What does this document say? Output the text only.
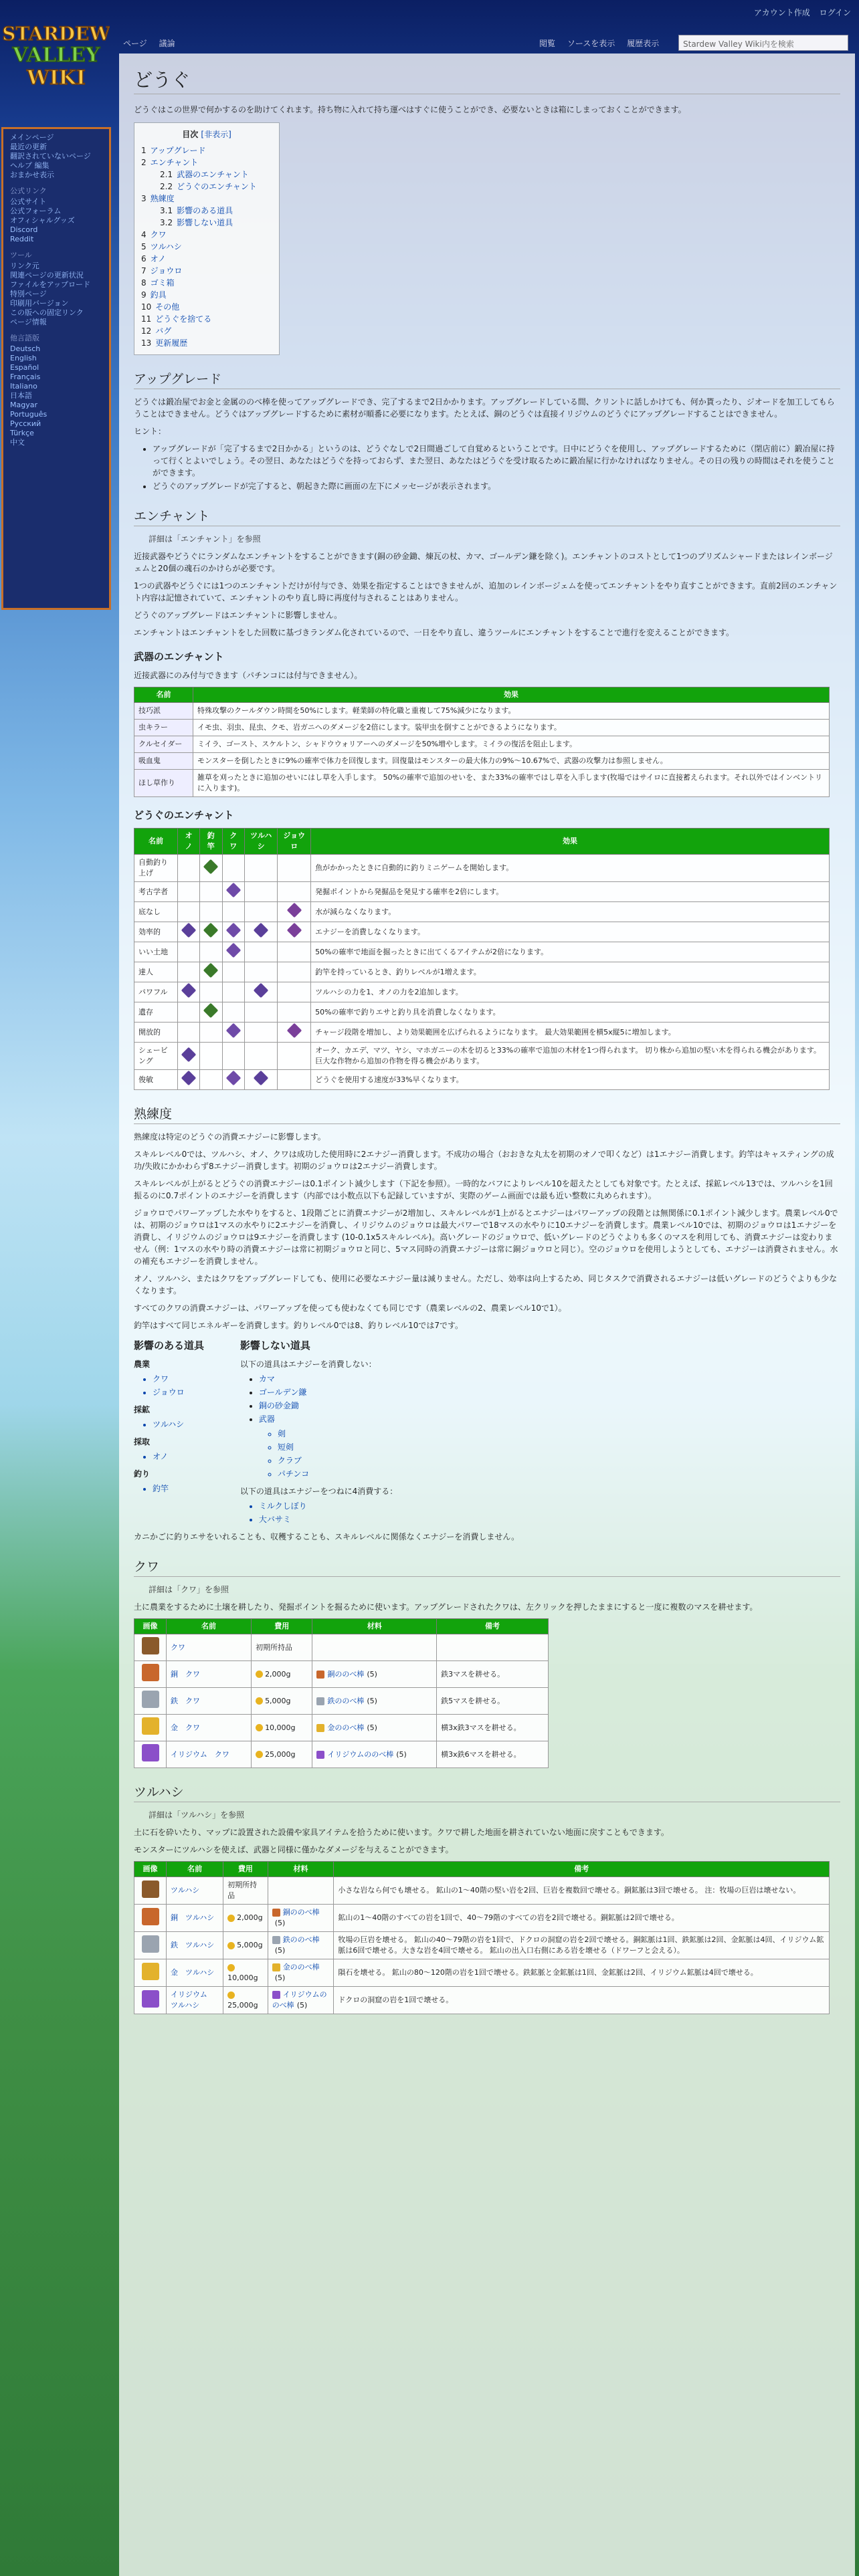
アカウント作成 ログイン
ページ 議論	閲覧 ソースを表示 履歴表示	Stardew Valley Wiki内を検索
STARDEW
VALLEY
WIKI
メインページ
最近の更新
翻訳されていないページ
ヘルプ 編集
おまかせ表示
公式リンク
公式サイト
公式フォーラム
オフィシャルグッズ
Discord
Reddit
ツール
リンク元
関連ページの更新状況
ファイルをアップロード
特別ページ
印刷用バージョン
この版への固定リンク
ページ情報
他言語版
Deutsch
English
Español
Français
Italiano
日本語
Magyar
Português
Русский
Türkçe
中文
どうぐ

どうぐはこの世界で何かするのを助けてくれます。持ち物に入れて持ち運べはすぐに使うことができ、必要ないときは箱にしまっておくことができます。

目次 [非表示]
1 アップグレード
2 エンチャント
2.1 武器のエンチャント
2.2 どうぐのエンチャント
3 熟練度
3.1 影響のある道具
3.2 影響しない道具
4 クワ
5 ツルハシ
6 オノ
7 ジョウロ
8 ゴミ箱
9 釣具
10 その他
11 どうぐを捨てる
12 バグ
13 更新履歴
アップグレード

どうぐは鍛冶屋でお金と金属ののべ棒を使ってアップグレードでき、完了するまで2日かかります。アップグレードしている間、クリントに話しかけても、何か貰ったり、ジオードを加工してもらうことはできません。どうぐはアップグレードするために素材が順番に必要になります。たとえば、銅のどうぐは直接イリジウムのどうぐにアップグレードすることはできません。

ヒント：

• アップグレードが「完了するまで2日かかる」というのは、どうぐなしで2日間過ごして自覚めるということです。日中にどうぐを使用し、アップグレードするために（閉店前に）鍛冶屋に持って行くとよいでしょう。その翌日、あなたはどうぐを持っておらず、また翌日、あなたはどうぐを受け取るために鍛冶屋に行かなければなりません。その日の残りの時間はそれを使うことができます。
• どうぐのアップグレードが完了すると、朝起きた際に画面の左下にメッセージが表示されます。
エンチャント

詳細は「エンチャント」を参照

近接武器やどうぐにランダムなエンチャントをすることができます(銅の砂金鋤、煉瓦の杖、カマ、ゴールデン鎌を除く)。エンチャントのコストとして1つのプリズムシャードまたはレインボージェムと20個の魂石のかけらが必要です。

1つの武器やどうぐには1つのエンチャントだけが付与でき、効果を指定することはできませんが、追加のレインボージェムを使ってエンチャントをやり直すことができます。直前2回のエンチャント内容は記憶されていて、エンチャントのやり直し時に再度付与されることはありません。

どうぐのアップグレードはエンチャントに影響しません。

エンチャントはエンチャントをした回数に基づきランダム化されているので、一日をやり直し、違うツールにエンチャントをすることで進行を変えることができます。

武器のエンチャント

近接武器にのみ付与できます（パチンコには付与できません）。

名前	効果
技巧派	特殊攻撃のクールダウン時間を50%にします。軽業師の特化職と重複して75%減少になります。
虫キラー	イモ虫、羽虫、昆虫、クモ、岩ガニへのダメージを2倍にします。装甲虫を倒すことができるようになります。
クルセイダー	ミイラ、ゴースト、スケルトン、シャドウウォリアーへのダメージを50%増やします。ミイラの復活を阻止します。
吸血鬼	モンスターを倒したときに9%の確率で体力を回復します。回復量はモンスターの最大体力の9%〜10.67%で、武器の攻撃力は参照しません。
ほし草作り	雑草を刈ったときに追加のせいにはし草を入手します。 50%の確率で追加のせいを、また33%の確率ではし草を入手します(牧場ではサイロに直接蓄えられます。それ以外ではインベントリに入ります)。
どうぐのエンチャント
名前	オノ	釣竿	クワ	ツルハシ	ジョウロ	効果
自動釣り上げ						魚がかかったときに自動的に釣りミニゲームを開始します。
考古学者						発掘ポイントから発掘品を発見する確率を2倍にします。
底なし						水が減らなくなります。
効率的						エナジーを消費しなくなります。
いい土地						50%の確率で地面を掘ったときに出てくるアイテムが2倍になります。
達人						釣竿を持っているとき、釣りレベルが1増えます。
パワフル						ツルハシの力を1、オノの力を2追加します。
遺存						50%の確率で釣りエサと釣り具を消費しなくなります。
開放的						チャージ段階を増加し、より効果範囲を広げられるようになります。 最大効果範囲を横5x縦5に増加します。
シェービング						オーク、カエデ、マツ、ヤシ、マホガニーの木を切ると33%の確率で追加の木材を1つ得られます。 切り株から追加の堅い木を得られる機会があります。 巨大な作物から追加の作物を得る機会があります。
俊敏						どうぐを使用する速度が33%早くなります。
熟練度

熟練度は特定のどうぐの消費エナジーに影響します。

スキルレベル0では、ツルハシ、オノ、クワは成功した使用時に2エナジー消費します。不成功の場合（おおきな丸太を初期のオノで叩くなど）は1エナジー消費します。釣竿はキャスティングの成功/失敗にかかわらず8エナジー消費します。初期のジョウロは2エナジー消費します。

スキルレベルが上がるとどうぐの消費エナジーは0.1ポイント減少します（下記を参照）。一時的なバフによりレベル10を超えたとしても対象です。たとえば、採鉱レベル13では、ツルハシを1回振るのに0.7ポイントのエナジーを消費します（内部では小数点以下も記録していますが、実際のゲーム画面では最も近い整数に丸められます）。

ジョウロでパワーアップした水やりをすると、1段階ごとに消費エナジーが2増加し、スキルレベルが1上がるとエナジーはパワーアップの段階とは無関係に0.1ポイント減少します。農業レベル0では、初期のジョウロは1マスの水やりに2エナジーを消費し、イリジウムのジョウロは最大パワーで18マスの水やりに10エナジーを消費します。農業レベル10では、初期のジョウロは1エナジーを消費し、イリジウムのジョウロは9エナジーを消費します (10-0.1x5スキルレベル)。高いグレードのジョウロで、低いグレードのどうぐよりも多くのマスを利用しても、消費エナジーは変わりません（例：1マスの水やり時の消費エナジーは常に初期ジョウロと同じ、5マス同時の消費エナジーは常に銅ジョウロと同じ）。空のジョウロを使用しようとしても、エナジーは消費されません。水の補充もエナジーを消費しません。

オノ、ツルハシ、またはクワをアップグレードしても、使用に必要なエナジー量は減りません。ただし、効率は向上するため、同じタスクで消費されるエナジーは低いグレードのどうぐよりも少なくなります。

すべてのクワの消費エナジーは、パワーアップを使っても使わなくても同じです（農業レベルの2、農業レベル10で1）。

釣竿はすべて同じエネルギーを消費します。釣りレベル0では8、釣りレベル10では7です。

影響のある道具
農業
• クワ
• ジョウロ
採鉱
• ツルハシ
採取
• オノ
釣り
• 釣竿

影響しない道具

以下の道具はエナジーを消費しない：

• カマ
• ゴールデン鎌
• 銅の砂金鋤
• 武器
◦ 剣
◦ 短剣
◦ クラブ
◦ パチンコ

以下の道具はエナジーをつねに4消費する：

• ミルクしぼり
• 大バサミ

カニかごに釣りエサをいれることも、収穫することも、スキルレベルに関係なくエナジーを消費しません。

クワ

詳細は「クワ」を参照

土に農業をするために土壌を耕したり、発掘ポイントを掘るために使います。アップグレードされたクワは、左クリックを押したままにすると一度に複数のマスを耕せます。

画像	名前	費用	材料	備考
	クワ	初期所持品		
	銅　クワ	2,000g	銅ののべ棒 (5)	鉄3マスを耕せる。
	鉄　クワ	5,000g	鉄ののべ棒 (5)	鉄5マスを耕せる。
	金　クワ	10,000g	金ののべ棒 (5)	横3x鉄3マスを耕せる。
	イリジウム　クワ	25,000g	イリジウムののべ棒 (5)	横3x鉄6マスを耕せる。
ツルハシ

詳細は「ツルハシ」を参照

土に石を砕いたり、マップに設置された設備や家具アイテムを拾うために使います。クワで耕した地面を耕されていない地面に戻すこともできます。

モンスターにツルハシを使えば、武器と同様に僅かなダメージを与えることができます。

画像	名前	費用	材料	備考
	ツルハシ	初期所持品		小さな岩なら何でも壊せる。 鉱山の1〜40階の堅い岩を2回、巨岩を複数回で壊せる。銅鉱脈は3回で壊せる。 注：牧場の巨岩は壊せない。
	銅　ツルハシ	2,000g	銅ののべ棒(5)	鉱山の1〜40階のすべての岩を1回で、40〜79階のすべての岩を2回で壊せる。銅鉱脈は2回で壊せる。
	鉄　ツルハシ	5,000g	鉄ののべ棒(5)	牧場の巨岩を壊せる。 鉱山の40〜79階の岩を1回で、ドクロの洞窟の岩を2回で壊せる。銅鉱脈は1回、鉄鉱脈は2回、金鉱脈は4回、イリジウム鉱脈は6回で壊せる。大きな岩を4回で壊せる。 鉱山の出入口右側にある岩を壊せる（ドワーフと会える）。
	金　ツルハシ	10,000g	金ののべ棒(5)	隕石を壊せる。 鉱山の80〜120階の岩を1回で壊せる。鉄鉱脈と金鉱脈は1回、金鉱脈は2回、イリジウム鉱脈は4回で壊せる。
	イリジウム　ツルハシ	25,000g	イリジウムののべ棒 (5)	ドクロの洞窟の岩を1回で壊せる。
